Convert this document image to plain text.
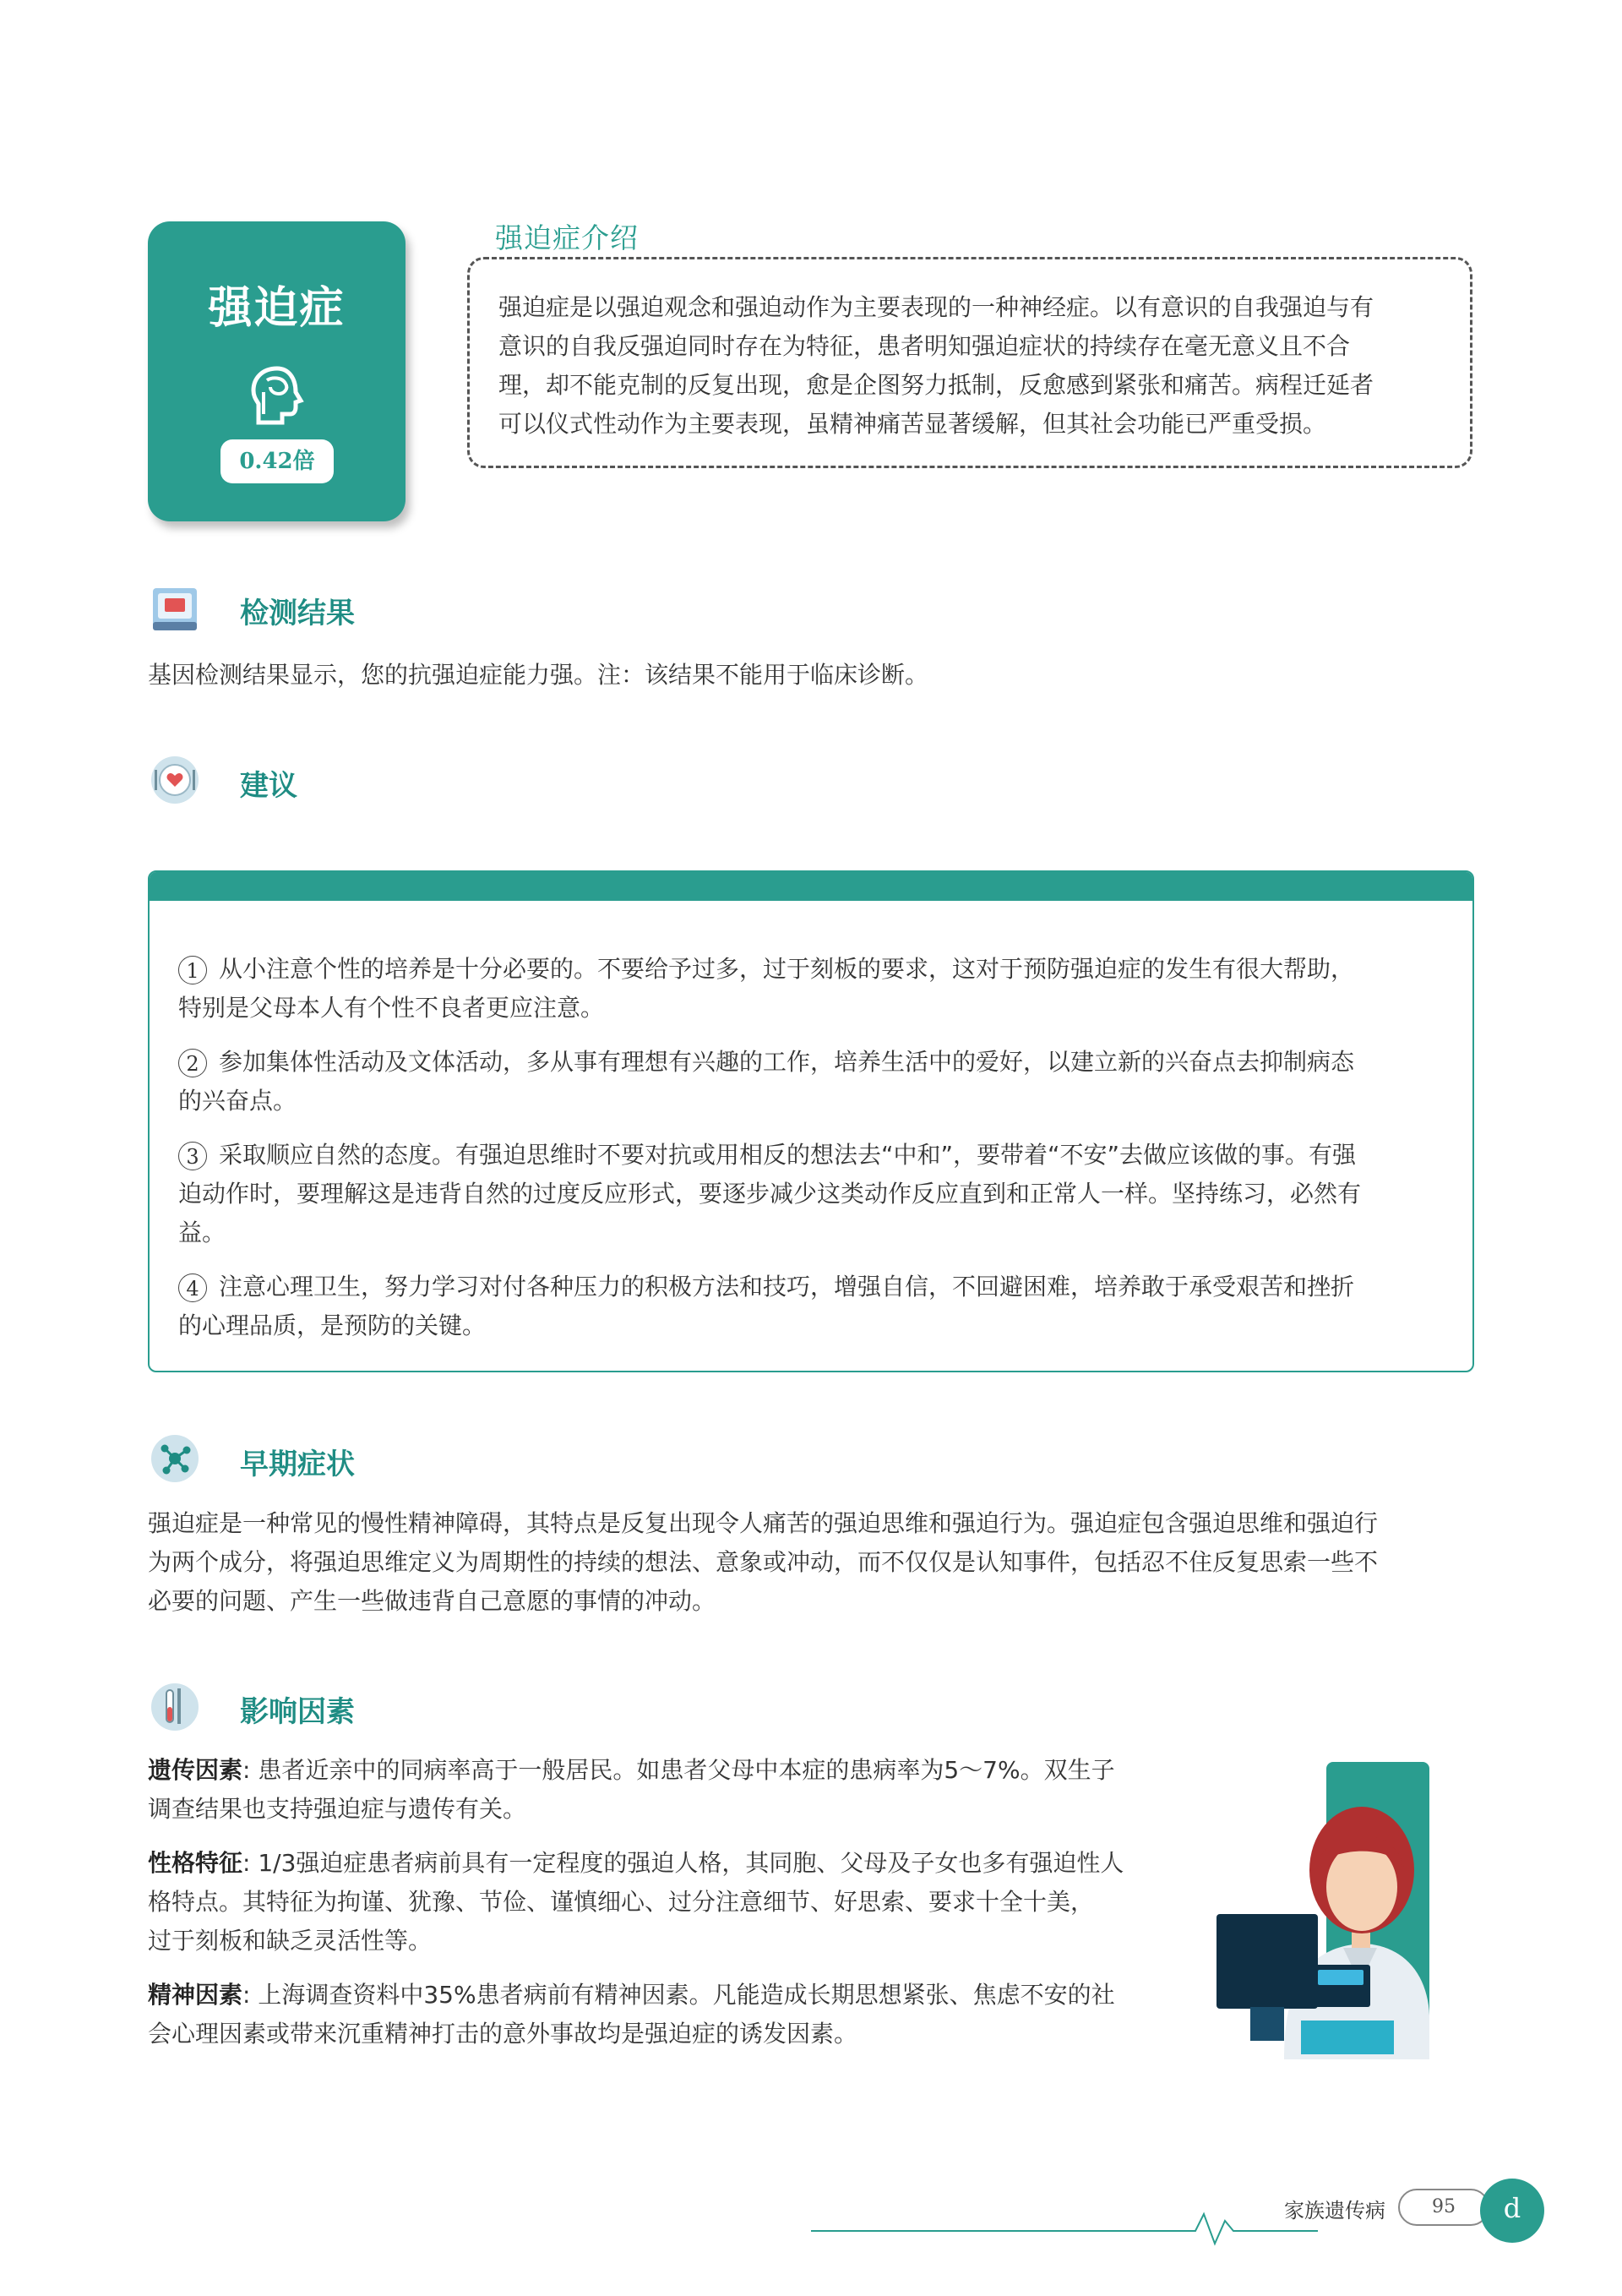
强迫症
0.42倍
强迫症介绍
强迫症是以强迫观念和强迫动作为主要表现的一种神经症。以有意识的自我强迫与有
意识的自我反强迫同时存在为特征，患者明知强迫症状的持续存在毫无意义且不合
理，却不能克制的反复出现，愈是企图努力抵制，反愈感到紧张和痛苦。病程迁延者
可以仪式性动作为主要表现，虽精神痛苦显著缓解，但其社会功能已严重受损。
检测结果
基因检测结果显示，您的抗强迫症能力强。注：该结果不能用于临床诊断。
建议
1 从小注意个性的培养是十分必要的。不要给予过多，过于刻板的要求，这对于预防强迫症的发生有很大帮助，
特别是父母本人有个性不良者更应注意。
2 参加集体性活动及文体活动，多从事有理想有兴趣的工作，培养生活中的爱好，以建立新的兴奋点去抑制病态
的兴奋点。
3 采取顺应自然的态度。有强迫思维时不要对抗或用相反的想法去“中和”，要带着“不安”去做应该做的事。有强
迫动作时，要理解这是违背自然的过度反应形式，要逐步减少这类动作反应直到和正常人一样。坚持练习，必然有
益。
4 注意心理卫生，努力学习对付各种压力的积极方法和技巧，增强自信，不回避困难，培养敢于承受艰苦和挫折
的心理品质，是预防的关键。
早期症状
强迫症是一种常见的慢性精神障碍，其特点是反复出现令人痛苦的强迫思维和强迫行为。强迫症包含强迫思维和强迫行
为两个成分，将强迫思维定义为周期性的持续的想法、意象或冲动，而不仅仅是认知事件，包括忍不住反复思索一些不
必要的问题、产生一些做违背自己意愿的事情的冲动。
影响因素
遗传因素: 患者近亲中的同病率高于一般居民。如患者父母中本症的患病率为5～7%。双生子
调查结果也支持强迫症与遗传有关。
性格特征: 1/3强迫症患者病前具有一定程度的强迫人格，其同胞、父母及子女也多有强迫性人
格特点。其特征为拘谨、犹豫、节俭、谨慎细心、过分注意细节、好思索、要求十全十美，
过于刻板和缺乏灵活性等。
精神因素: 上海调查资料中35%患者病前有精神因素。凡能造成长期思想紧张、焦虑不安的社
会心理因素或带来沉重精神打击的意外事故均是强迫症的诱发因素。
家族遗传病	95	d
